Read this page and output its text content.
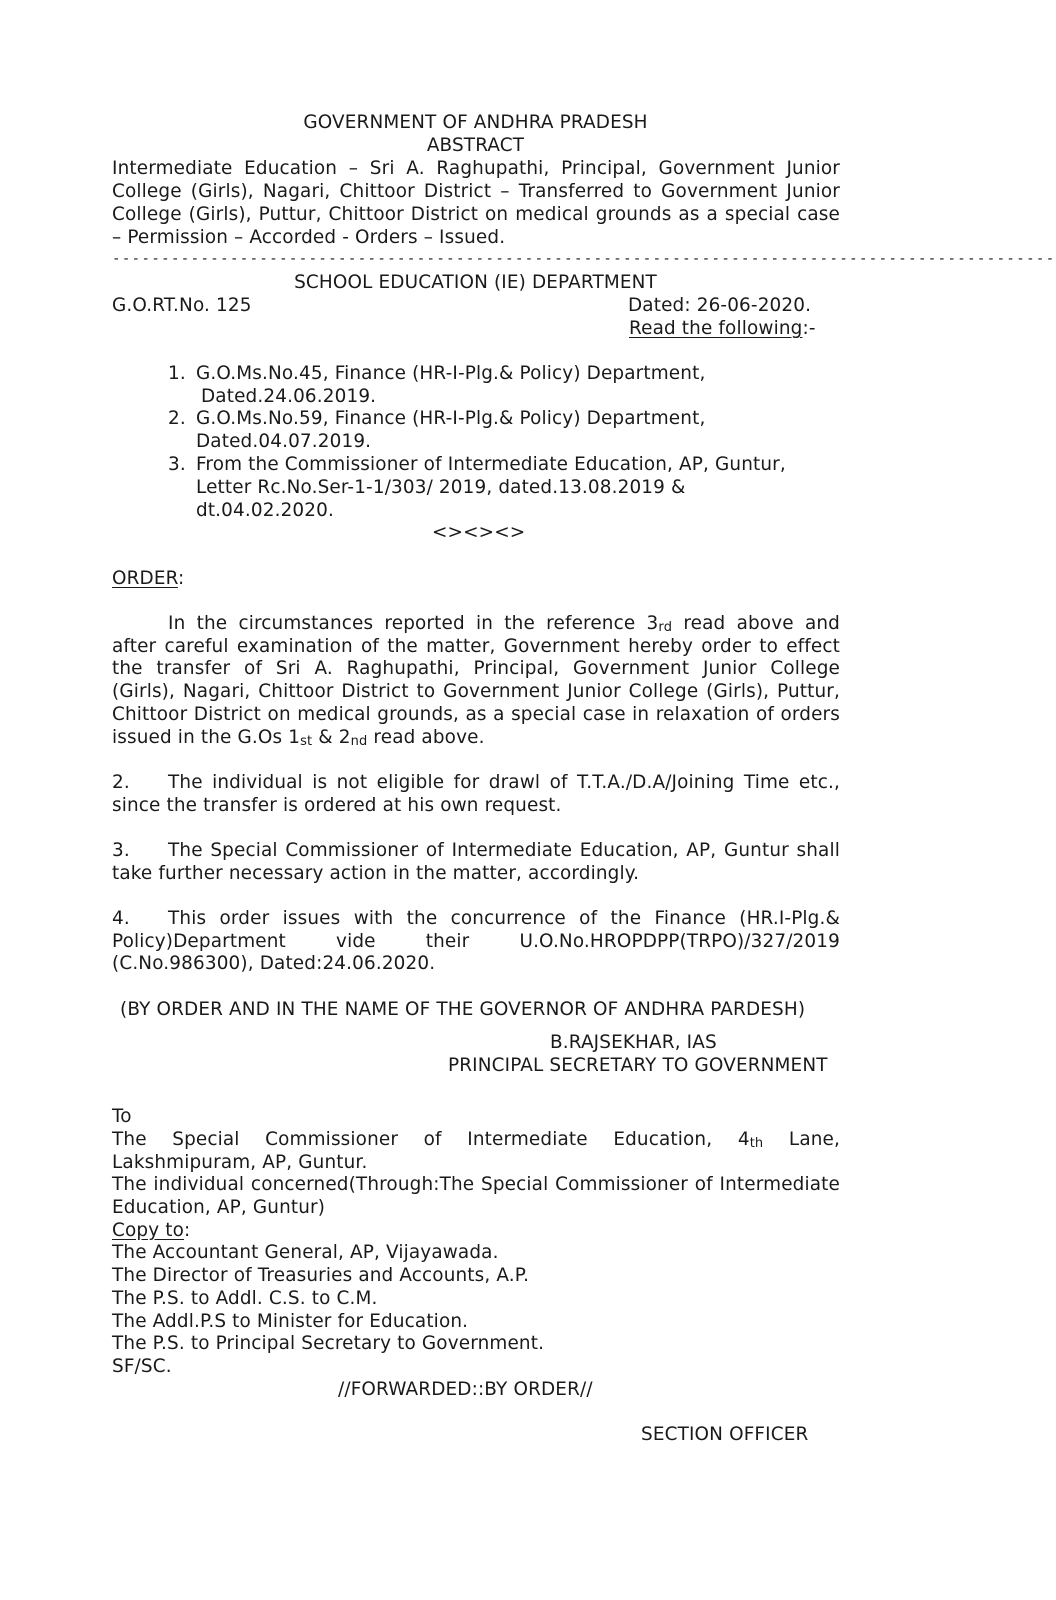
GOVERNMENT OF ANDHRA PRADESH
ABSTRACT
Intermediate Education – Sri A. Raghupathi, Principal, Government Junior
College (Girls), Nagari, Chittoor District – Transferred to Government Junior
College (Girls), Puttur, Chittoor District on medical grounds as a special case
– Permission – Accorded - Orders – Issued.
------------------------------------------------------------------------------------------------
SCHOOL EDUCATION (IE) DEPARTMENT
G.O.RT.No. 125	Dated: 26-06-2020.
Read the following:-
1. G.O.Ms.No.45, Finance (HR-I-Plg.& Policy) Department,
Dated.24.06.2019.
2. G.O.Ms.No.59, Finance (HR-I-Plg.& Policy) Department,
Dated.04.07.2019.
3. From the Commissioner of Intermediate Education, AP, Guntur,
Letter Rc.No.Ser-1-1/303/ 2019, dated.13.08.2019 &
dt.04.02.2020.
<><><>
ORDER:
In the circumstances reported in the reference 3rd read above and
after careful examination of the matter, Government hereby order to effect
the transfer of Sri A. Raghupathi, Principal, Government Junior College
(Girls), Nagari, Chittoor District to Government Junior College (Girls), Puttur,
Chittoor District on medical grounds, as a special case in relaxation of orders
issued in the G.Os 1st & 2nd read above.
2. The individual is not eligible for drawl of T.T.A./D.A/Joining Time etc.,
since the transfer is ordered at his own request.
3. The Special Commissioner of Intermediate Education, AP, Guntur shall
take further necessary action in the matter, accordingly.
4. This order issues with the concurrence of the Finance (HR.I-Plg.&
Policy)Department	vide	their	U.O.No.HROPDPP(TRPO)/327/2019
(C.No.986300), Dated:24.06.2020.
(BY ORDER AND IN THE NAME OF THE GOVERNOR OF ANDHRA PARDESH)
B.RAJSEKHAR, IAS
PRINCIPAL SECRETARY TO GOVERNMENT
To
The Special Commissioner of Intermediate Education, 4th Lane,
Lakshmipuram, AP, Guntur.
The individual concerned(Through:The Special Commissioner of Intermediate
Education, AP, Guntur)
Copy to:
The Accountant General, AP, Vijayawada.
The Director of Treasuries and Accounts, A.P.
The P.S. to Addl. C.S. to C.M.
The Addl.P.S to Minister for Education.
The P.S. to Principal Secretary to Government.
SF/SC.
//FORWARDED::BY ORDER//
SECTION OFFICER
